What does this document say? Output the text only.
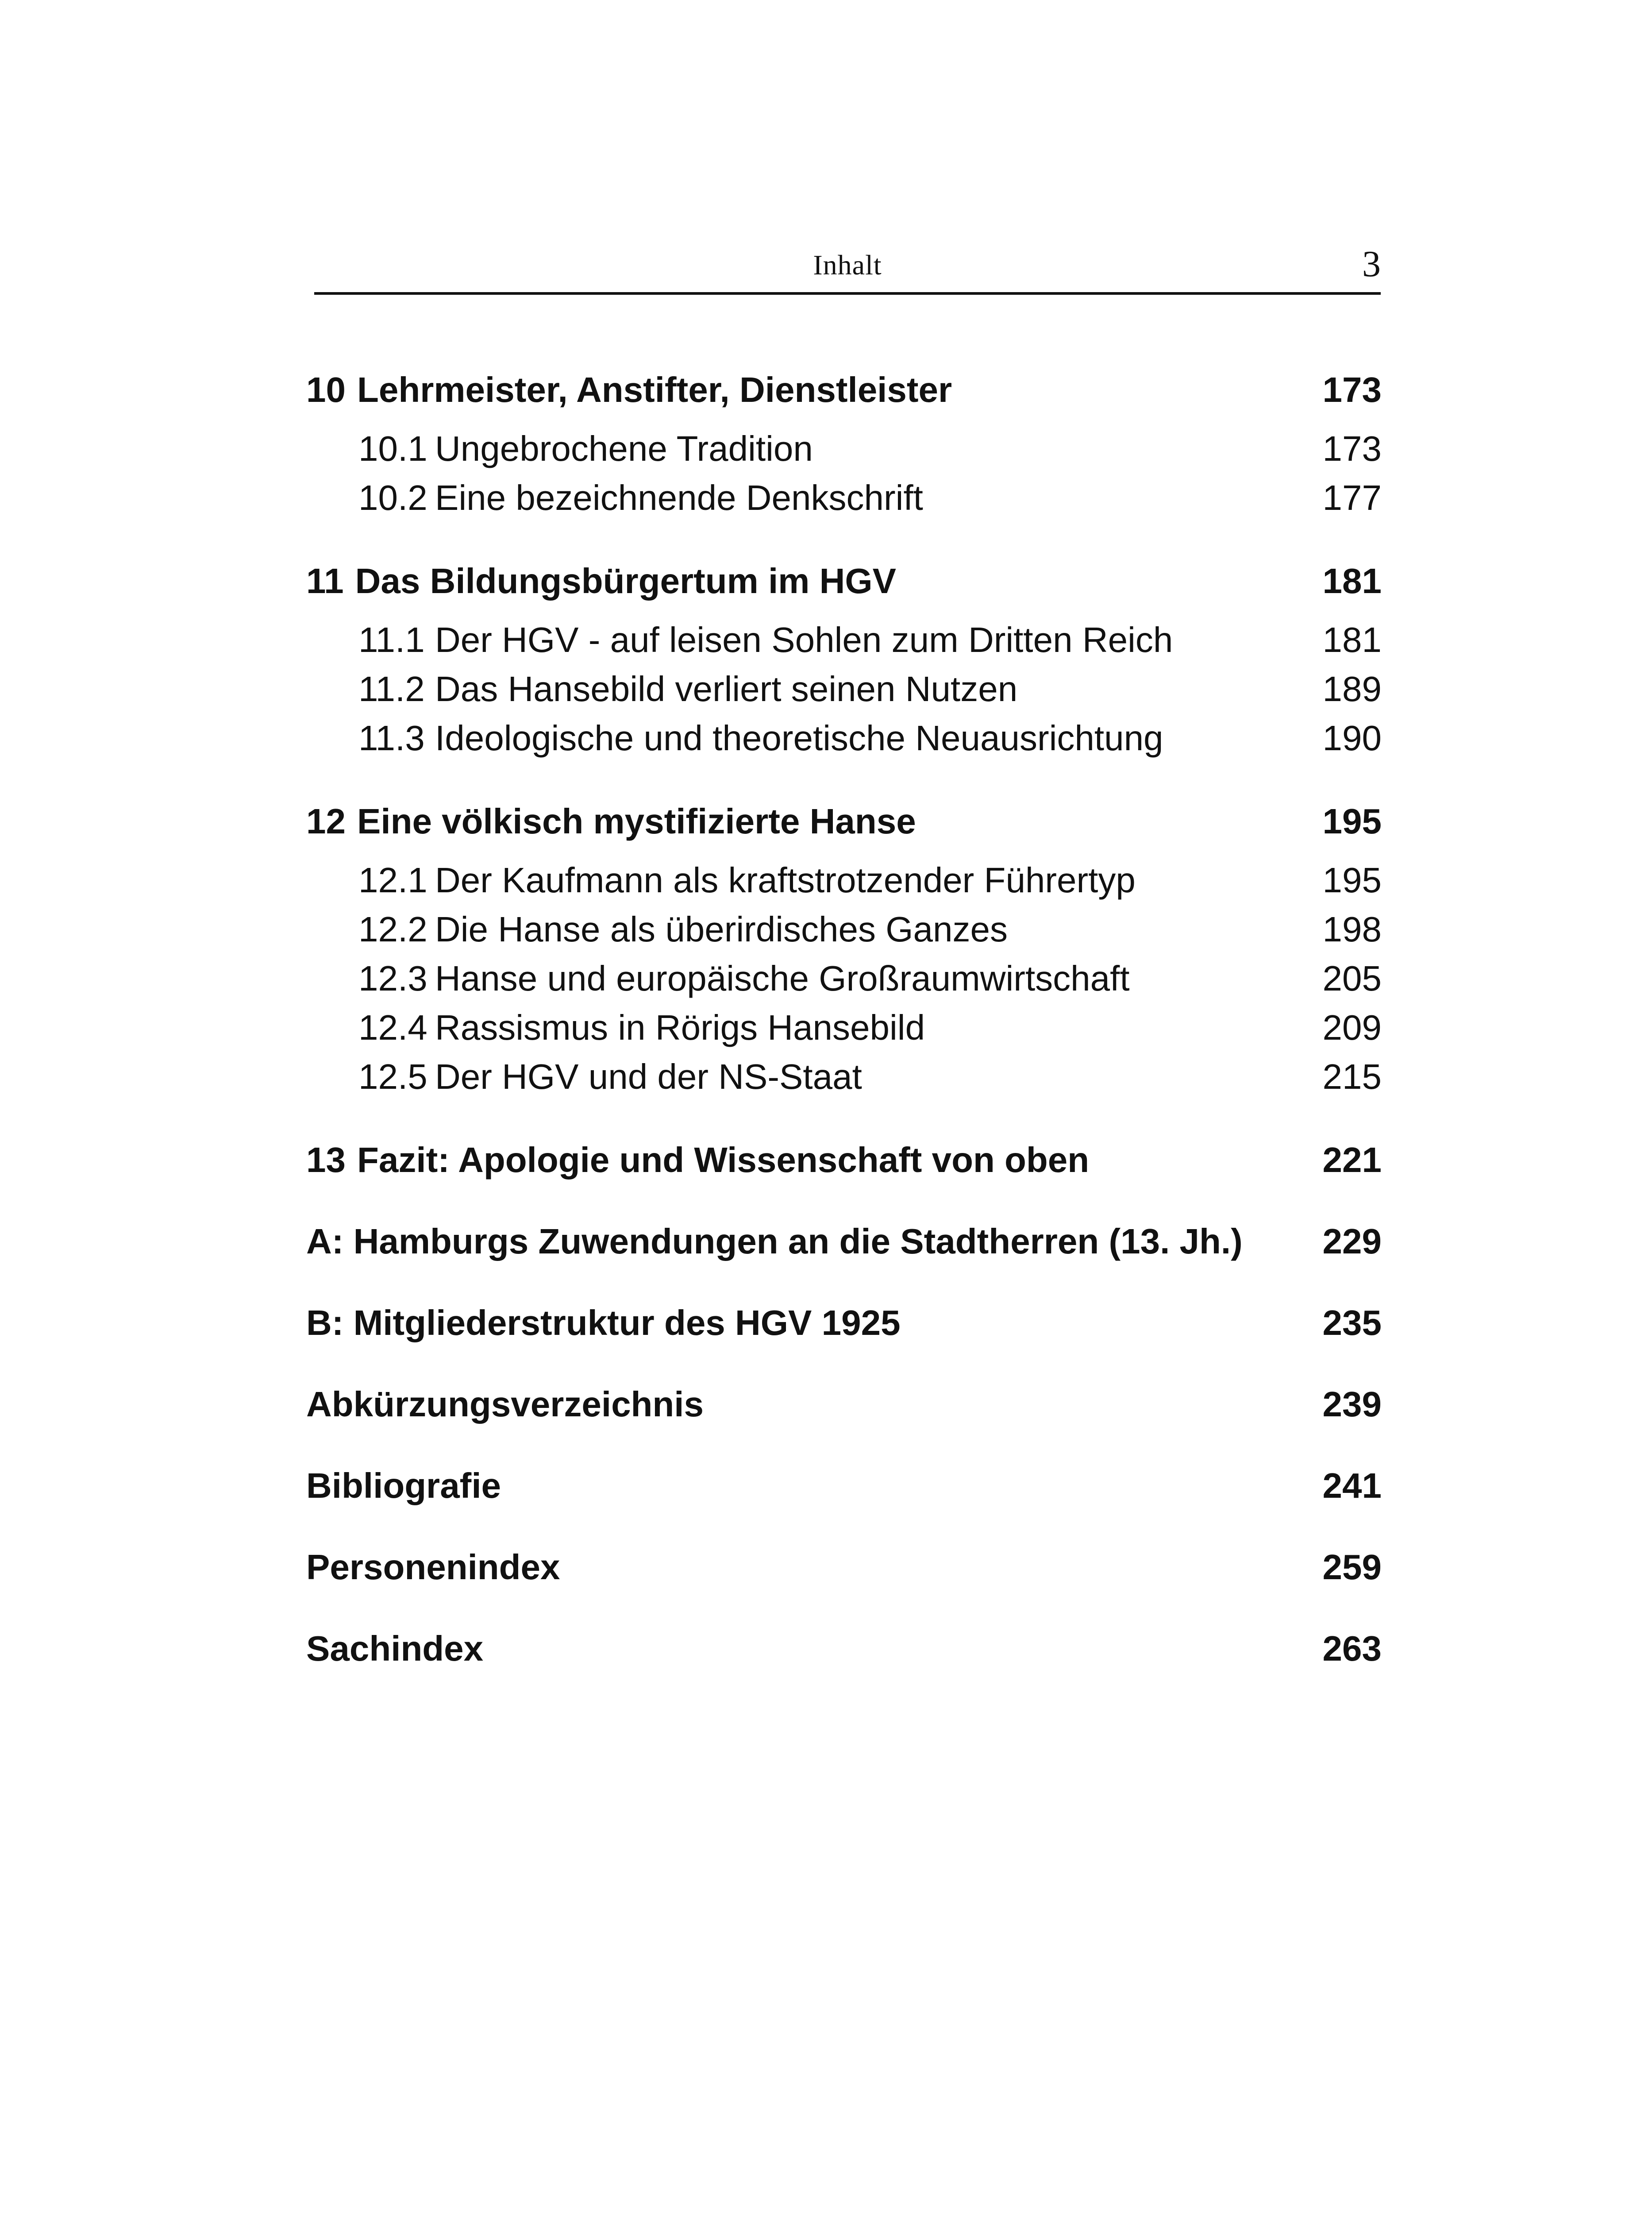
Inhalt	3
10 Lehrmeister, Anstifter, Dienstleister	173
10.1 Ungebrochene Tradition	173
10.2 Eine bezeichnende Denkschrift	177
11 Das Bildungsbürgertum im HGV	181
11.1 Der HGV - auf leisen Sohlen zum Dritten Reich	181
11.2 Das Hansebild verliert seinen Nutzen	189
11.3 Ideologische und theoretische Neuausrichtung	190
12 Eine völkisch mystifizierte Hanse	195
12.1 Der Kaufmann als kraftstrotzender Führertyp	195
12.2 Die Hanse als überirdisches Ganzes	198
12.3 Hanse und europäische Großraumwirtschaft	205
12.4 Rassismus in Rörigs Hansebild	209
12.5 Der HGV und der NS-Staat	215
13 Fazit: Apologie und Wissenschaft von oben	221
A: Hamburgs Zuwendungen an die Stadtherren (13. Jh.)	229
B: Mitgliederstruktur des HGV 1925	235
Abkürzungsverzeichnis	239
Bibliografie	241
Personenindex	259
Sachindex	263
